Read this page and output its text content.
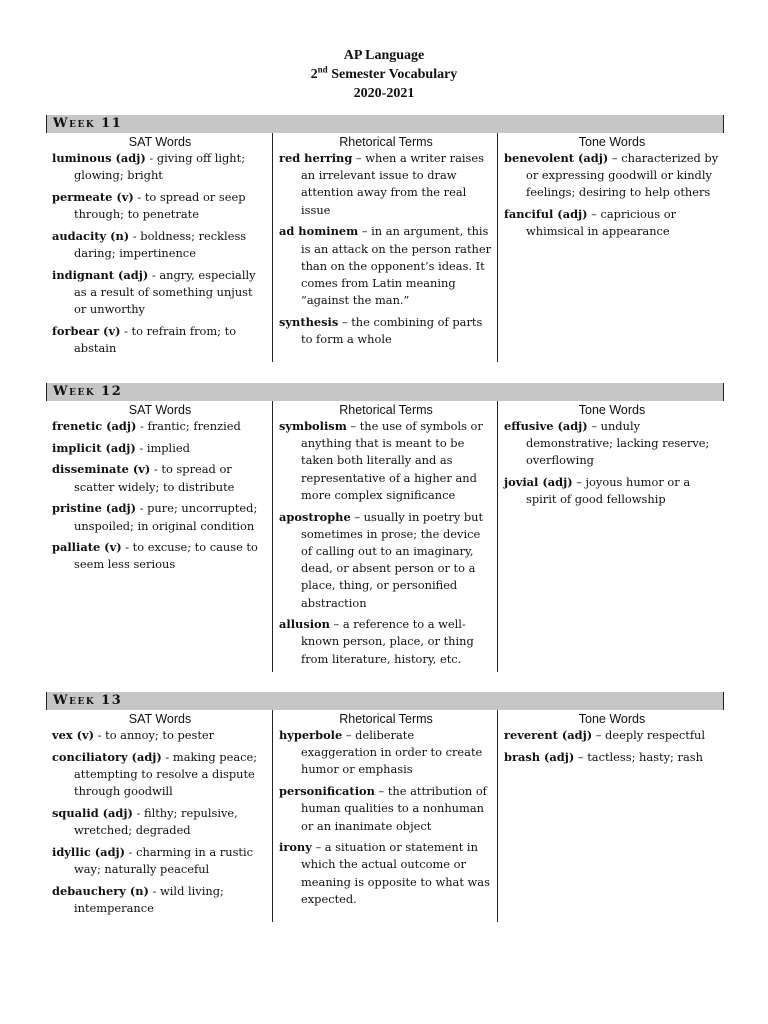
AP Language
2nd Semester Vocabulary
2020-2021
Week 11
SAT Words
luminous (adj) - giving off light; glowing; bright
permeate (v) - to spread or seep through; to penetrate
audacity (n) - boldness; reckless daring; impertinence
indignant (adj) - angry, especially as a result of something unjust or unworthy
forbear (v) - to refrain from; to abstain
Rhetorical Terms
red herring – when a writer raises an irrelevant issue to draw attention away from the real issue
ad hominem – in an argument, this is an attack on the person rather than on the opponent’s ideas. It comes from Latin meaning “against the man.”
synthesis – the combining of parts to form a whole
Tone Words
benevolent (adj) – characterized by or expressing goodwill or kindly feelings; desiring to help others
fanciful (adj) – capricious or whimsical in appearance
Week 12
SAT Words
frenetic (adj) - frantic; frenzied
implicit (adj) - implied
disseminate (v) - to spread or scatter widely; to distribute
pristine (adj) - pure; uncorrupted; unspoiled; in original condition
palliate (v) - to excuse; to cause to seem less serious
Rhetorical Terms
symbolism – the use of symbols or anything that is meant to be taken both literally and as representative of a higher and more complex significance
apostrophe – usually in poetry but sometimes in prose; the device of calling out to an imaginary, dead, or absent person or to a place, thing, or personified abstraction
allusion – a reference to a well-known person, place, or thing from literature, history, etc.
Tone Words
effusive (adj) – unduly demonstrative; lacking reserve; overflowing
jovial (adj) – joyous humor or a spirit of good fellowship
Week 13
SAT Words
vex (v) - to annoy; to pester
conciliatory (adj) - making peace; attempting to resolve a dispute through goodwill
squalid (adj) - filthy; repulsive, wretched; degraded
idyllic (adj) - charming in a rustic way; naturally peaceful
debauchery (n) - wild living; intemperance
Rhetorical Terms
hyperbole – deliberate exaggeration in order to create humor or emphasis
personification – the attribution of human qualities to a nonhuman or an inanimate object
irony – a situation or statement in which the actual outcome or meaning is opposite to what was expected.
Tone Words
reverent (adj) – deeply respectful
brash (adj) – tactless; hasty; rash
